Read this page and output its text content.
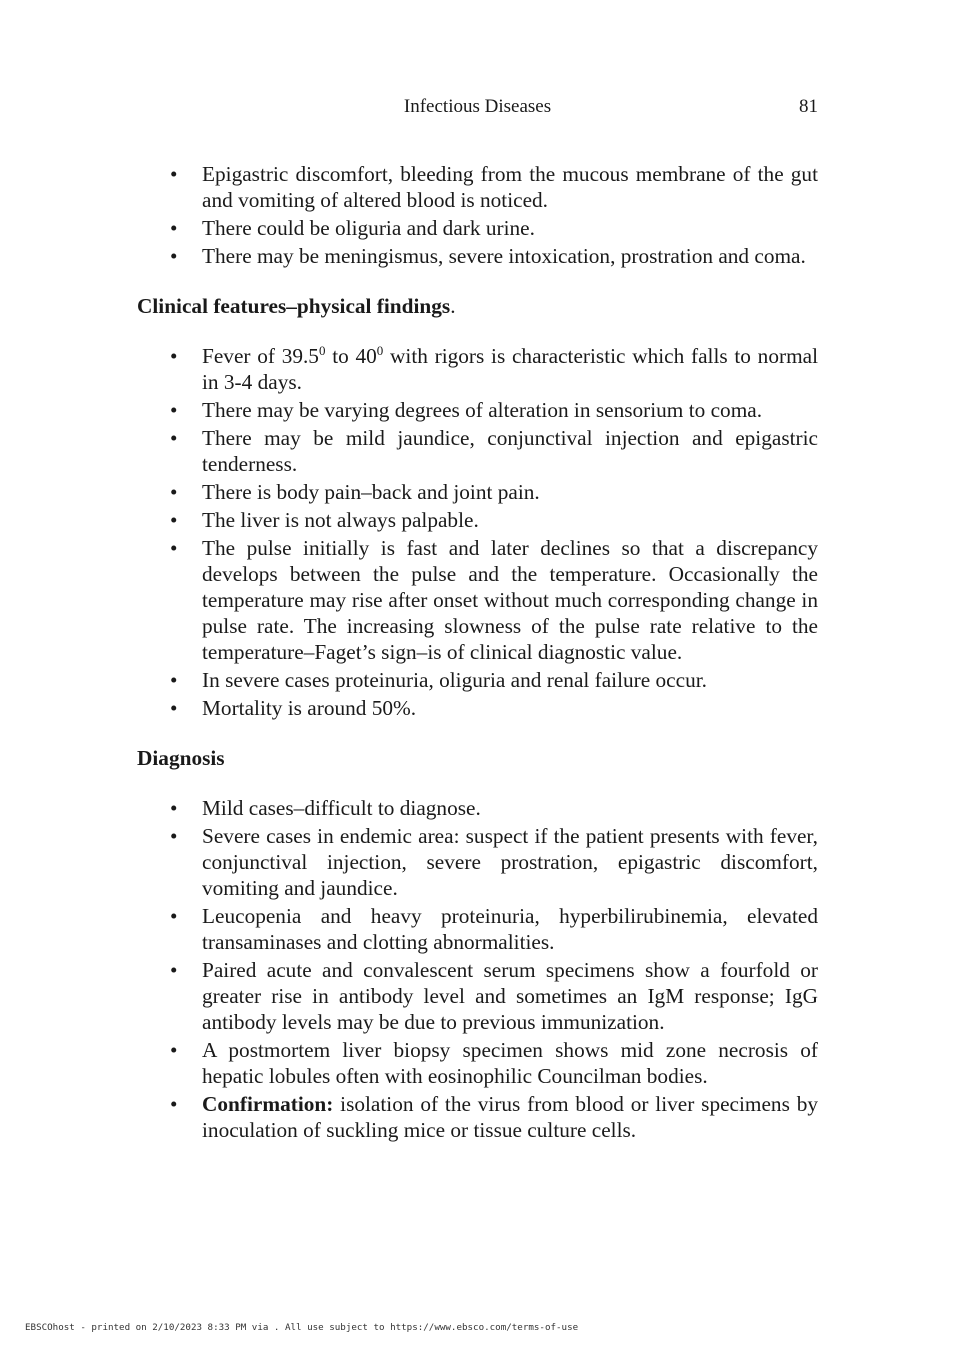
Infectious Diseases	81
• Epigastric discomfort, bleeding from the mucous membrane of the gut and vomiting of altered blood is noticed.
• There could be oliguria and dark urine.
• There may be meningismus, severe intoxication, prostration and coma.
Clinical features–physical findings.
• Fever of 39.5$^0$ to $40^0$ with rigors is characteristic which falls to normal in 3-4 days.
• There may be varying degrees of alteration in sensorium to coma.
• There may be mild jaundice, conjunctival injection and epigastric tenderness.
• There is body pain–back and joint pain.
• The liver is not always palpable.
• The pulse initially is fast and later declines so that a discrepancy develops between the pulse and the temperature. Occasionally the temperature may rise after onset without much corresponding change in pulse rate. The increasing slowness of the pulse rate relative to the temperature–Faget’s sign–is of clinical diagnostic value.
• In severe cases proteinuria, oliguria and renal failure occur.
• Mortality is around 50%.
Diagnosis
• Mild cases–difficult to diagnose.
• Severe cases in endemic area: suspect if the patient presents with fever, conjunctival injection, severe prostration, epigastric discomfort, vomiting and jaundice.
• Leucopenia and heavy proteinuria, hyperbilirubinemia, elevated transaminases and clotting abnormalities.
• Paired acute and convalescent serum specimens show a fourfold or greater rise in antibody level and sometimes an IgM response; IgG antibody levels may be due to previous immunization.
• A postmortem liver biopsy specimen shows mid zone necrosis of hepatic lobules often with eosinophilic Councilman bodies.
• Confirmation: isolation of the virus from blood or liver specimens by inoculation of suckling mice or tissue culture cells.
EBSCOhost - printed on 2/10/2023 8:33 PM via . All use subject to https://www.ebsco.com/terms-of-use
